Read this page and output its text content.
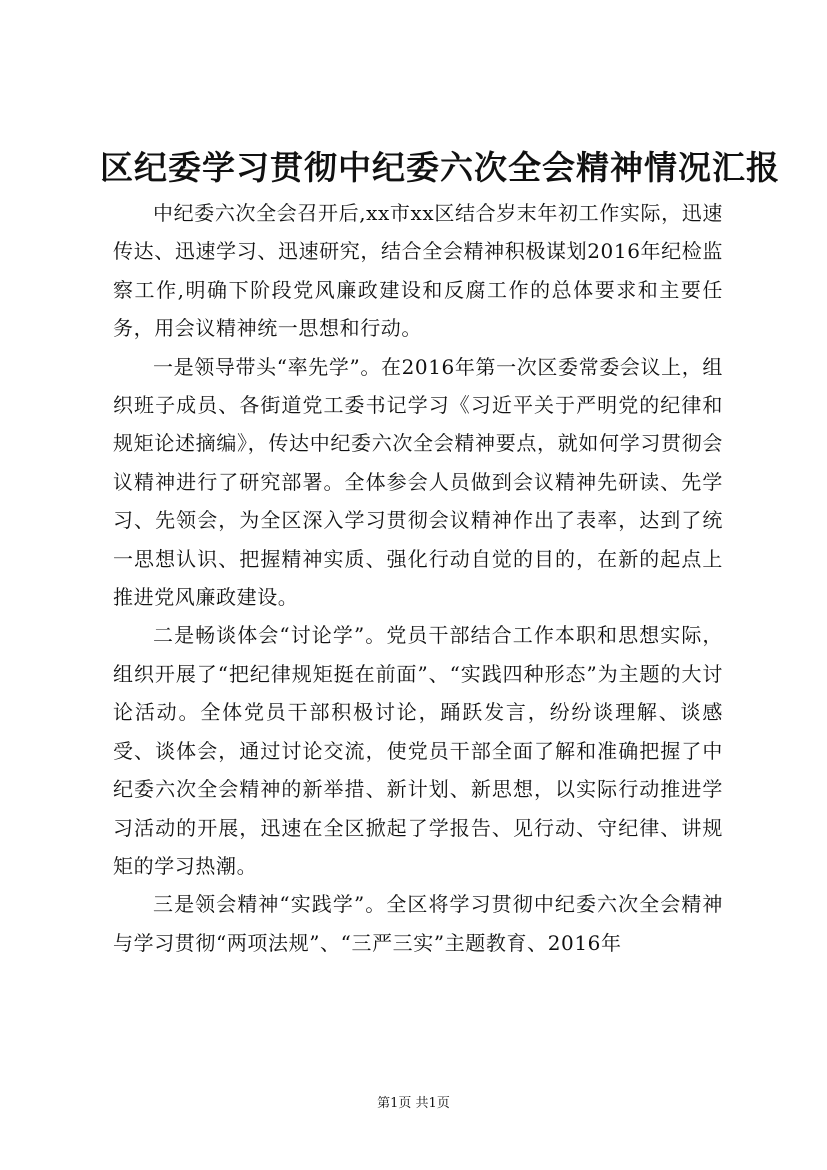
区纪委学习贯彻中纪委六次全会精神情况汇报

中纪委六次全会召开后,xx市xx区结合岁末年初工作实际，迅速传达、迅速学习、迅速研究，结合全会精神积极谋划2016年纪检监察工作,明确下阶段党风廉政建设和反腐工作的总体要求和主要任务，用会议精神统一思想和行动。

一是领导带头“率先学”。在2016年第一次区委常委会议上，组织班子成员、各街道党工委书记学习《习近平关于严明党的纪律和规矩论述摘编》，传达中纪委六次全会精神要点，就如何学习贯彻会议精神进行了研究部署。全体参会人员做到会议精神先研读、先学习、先领会，为全区深入学习贯彻会议精神作出了表率，达到了统一思想认识、把握精神实质、强化行动自觉的目的，在新的起点上推进党风廉政建设。

二是畅谈体会“讨论学”。党员干部结合工作本职和思想实际，组织开展了“把纪律规矩挺在前面”、“实践四种形态”为主题的大讨论活动。全体党员干部积极讨论，踊跃发言，纷纷谈理解、谈感受、谈体会，通过讨论交流，使党员干部全面了解和准确把握了中纪委六次全会精神的新举措、新计划、新思想，以实际行动推进学习活动的开展，迅速在全区掀起了学报告、见行动、守纪律、讲规矩的学习热潮。

三是领会精神“实践学”。全区将学习贯彻中纪委六次全会精神与学习贯彻“两项法规”、“三严三实”主题教育、2016年

第1页 共1页
